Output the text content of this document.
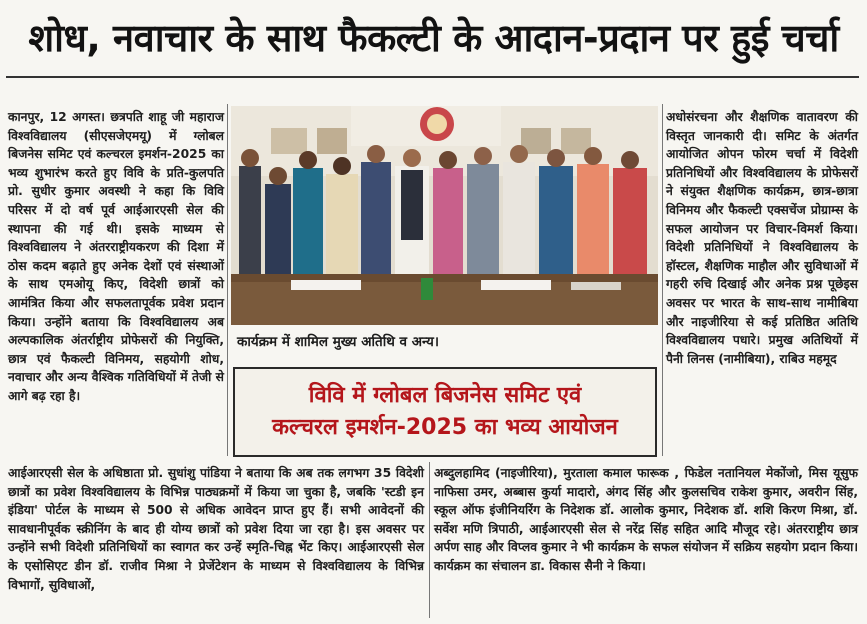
शोध, नवाचार के साथ फैकल्टी के आदान-प्रदान पर हुई चर्चा

कानपुर, 12 अगस्त। छत्रपति शाहू जी महाराज विश्वविद्यालय (सीएसजेएमयू) में ग्लोबल बिजनेस समिट एवं कल्चरल इमर्शन-2025 का भव्य शुभारंभ करते हुए विवि के प्रति-कुलपति प्रो. सुधीर कुमार अवस्थी ने कहा कि विवि परिसर में दो वर्ष पूर्व आईआरएसी सेल की स्थापना की गई थी। इसके माध्यम से विश्वविद्यालय ने अंतरराष्ट्रीयकरण की दिशा में ठोस कदम बढ़ाते हुए अनेक देशों एवं संस्थाओं के साथ एमओयू किए, विदेशी छात्रों को आमंत्रित किया और सफलतापूर्वक प्रवेश प्रदान किया। उन्होंने बताया कि विश्वविद्यालय अब अल्पकालिक अंतर्राष्ट्रीय प्रोफेसरों की नियुक्ति, छात्र एवं फैकल्टी विनिमय, सहयोगी शोध, नवाचार और अन्य वैश्विक गतिविधियों में तेजी से आगे बढ़ रहा है।

कार्यक्रम में शामिल मुख्य अतिथि व अन्य।
विवि में ग्लोबल बिजनेस समिट एवं
कल्चरल इमर्शन-2025 का भव्य आयोजन

अधोसंरचना और शैक्षणिक वातावरण की विस्तृत जानकारी दी। समिट के अंतर्गत आयोजित ओपन फोरम चर्चा में विदेशी प्रतिनिधियों और विश्वविद्यालय के प्रोफेसरों ने संयुक्त शैक्षणिक कार्यक्रम, छात्र-छात्रा विनिमय और फैकल्टी एक्सचेंज प्रोग्राम्स के सफल आयोजन पर विचार-विमर्श किया। विदेशी प्रतिनिधियों ने विश्वविद्यालय के हॉस्टल, शैक्षणिक माहौल और सुविधाओं में गहरी रुचि दिखाई और अनेक प्रश्न पूछेइस अवसर पर भारत के साथ-साथ नामीबिया और नाइजीरिया से कई प्रतिष्ठित अतिथि विश्वविद्यालय पधारे। प्रमुख अतिथियों में पैनी लिनस (नामीबिया), राबिउ महमूद

आईआरएसी सेल के अधिष्ठाता प्रो. सुधांशु पांडिया ने बताया कि अब तक लगभग 35 विदेशी छात्रों का प्रवेश विश्वविद्यालय के विभिन्न पाठ्यक्रमों में किया जा चुका है, जबकि 'स्टडी इन इंडिया' पोर्टल के माध्यम से 500 से अधिक आवेदन प्राप्त हुए हैं। सभी आवेदनों की सावधानीपूर्वक स्क्रीनिंग के बाद ही योग्य छात्रों को प्रवेश दिया जा रहा है। इस अवसर पर उन्होंने सभी विदेशी प्रतिनिधियों का स्वागत कर उन्हें स्मृति-चिह्न भेंट किए। आईआरएसी सेल के एसोसिएट डीन डॉ. राजीव मिश्रा ने प्रेजेंटेशन के माध्यम से विश्वविद्यालय के विभिन्न विभागों, सुविधाओं,

अब्दुलहामिद (नाइजीरिया), मुरताला कमाल फारूक , फिडेल नतानियल मेकोंजो, मिस यूसुफ नाफिसा उमर, अब्बास कुर्या मादारो, अंगद सिंह और कुलसचिव राकेश कुमार, अवरीन सिंह, स्कूल ऑफ इंजीनियरिंग के निदेशक डॉ. आलोक कुमार, निदेशक डॉ. शशि किरण मिश्रा, डॉ. सर्वेश मणि त्रिपाठी, आईआरएसी सेल से नरेंद्र सिंह सहित आदि मौजूद रहे। अंतरराष्ट्रीय छात्र अर्पण साह और विप्लव कुमार ने भी कार्यक्रम के सफल संयोजन में सक्रिय सहयोग प्रदान किया। कार्यक्रम का संचालन डा. विकास सैनी ने किया।
